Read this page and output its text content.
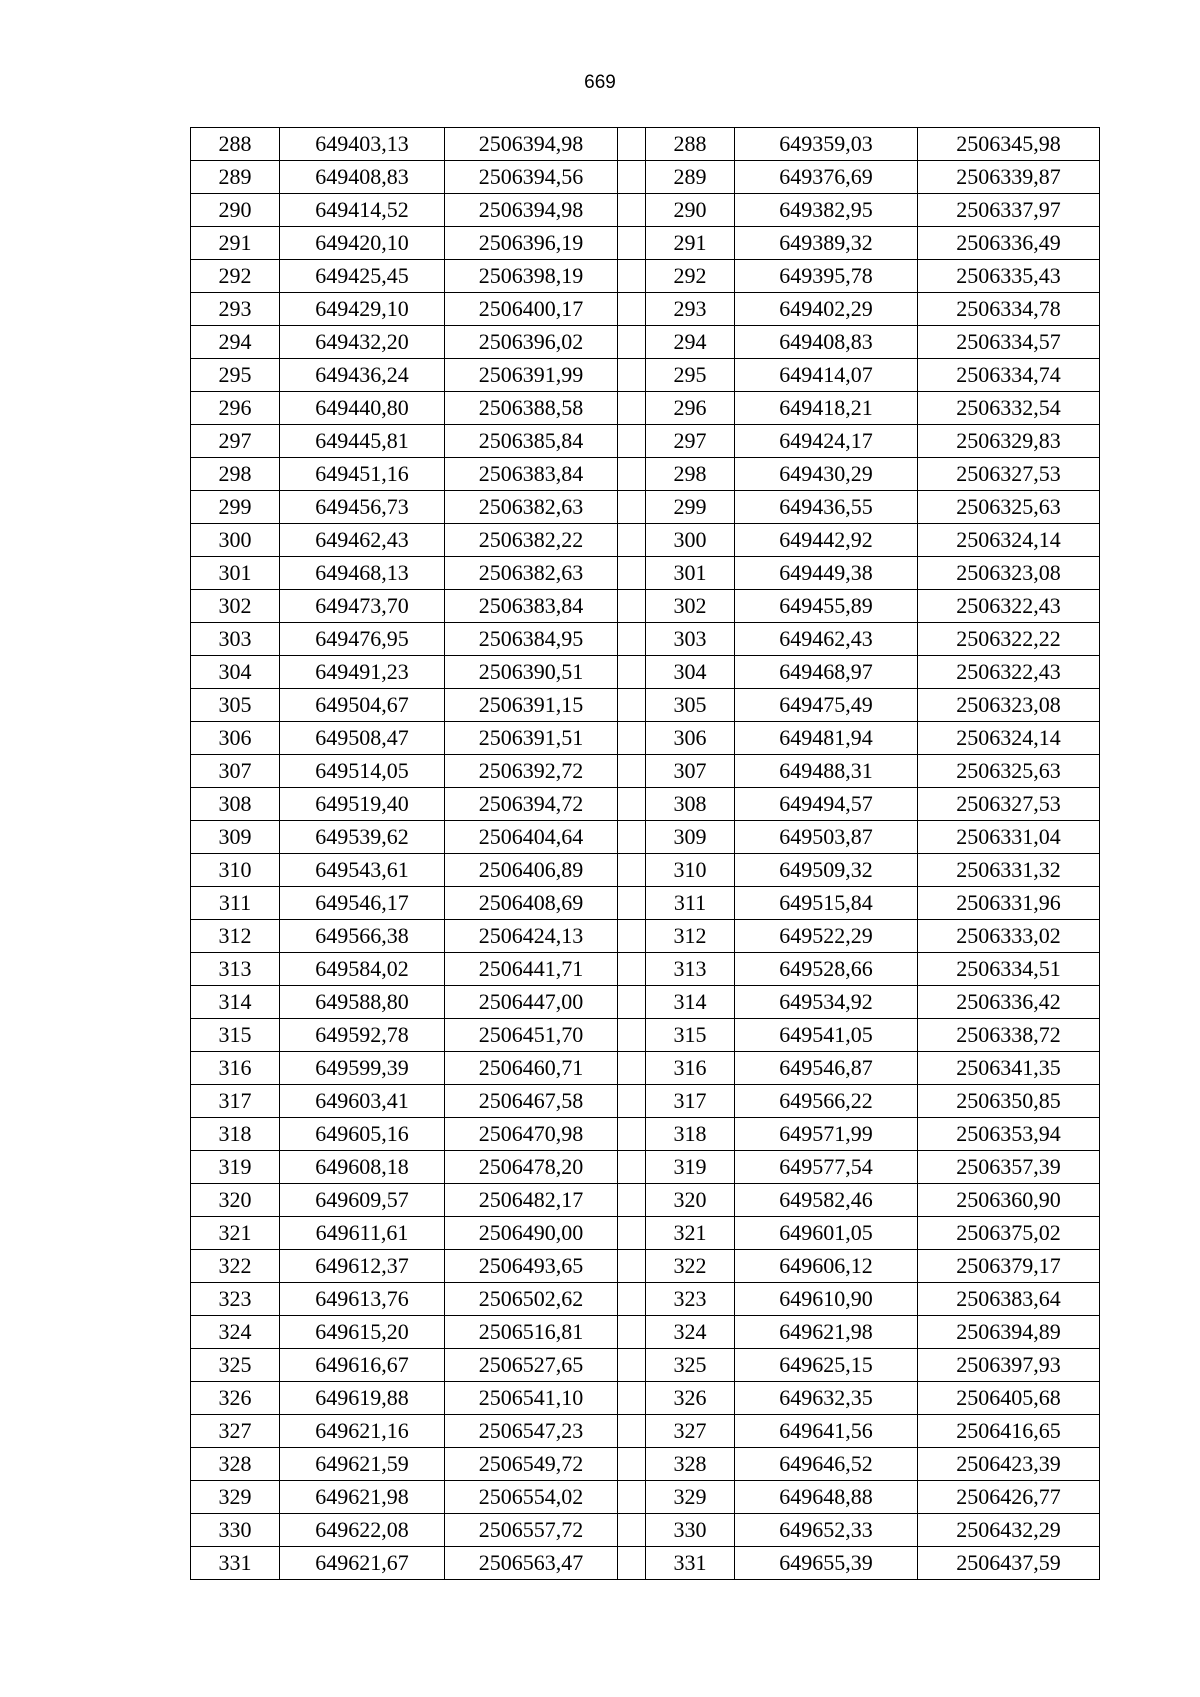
669
288	649403,13	2506394,98		288	649359,03	2506345,98
289	649408,83	2506394,56		289	649376,69	2506339,87
290	649414,52	2506394,98		290	649382,95	2506337,97
291	649420,10	2506396,19		291	649389,32	2506336,49
292	649425,45	2506398,19		292	649395,78	2506335,43
293	649429,10	2506400,17		293	649402,29	2506334,78
294	649432,20	2506396,02		294	649408,83	2506334,57
295	649436,24	2506391,99		295	649414,07	2506334,74
296	649440,80	2506388,58		296	649418,21	2506332,54
297	649445,81	2506385,84		297	649424,17	2506329,83
298	649451,16	2506383,84		298	649430,29	2506327,53
299	649456,73	2506382,63		299	649436,55	2506325,63
300	649462,43	2506382,22		300	649442,92	2506324,14
301	649468,13	2506382,63		301	649449,38	2506323,08
302	649473,70	2506383,84		302	649455,89	2506322,43
303	649476,95	2506384,95		303	649462,43	2506322,22
304	649491,23	2506390,51		304	649468,97	2506322,43
305	649504,67	2506391,15		305	649475,49	2506323,08
306	649508,47	2506391,51		306	649481,94	2506324,14
307	649514,05	2506392,72		307	649488,31	2506325,63
308	649519,40	2506394,72		308	649494,57	2506327,53
309	649539,62	2506404,64		309	649503,87	2506331,04
310	649543,61	2506406,89		310	649509,32	2506331,32
311	649546,17	2506408,69		311	649515,84	2506331,96
312	649566,38	2506424,13		312	649522,29	2506333,02
313	649584,02	2506441,71		313	649528,66	2506334,51
314	649588,80	2506447,00		314	649534,92	2506336,42
315	649592,78	2506451,70		315	649541,05	2506338,72
316	649599,39	2506460,71		316	649546,87	2506341,35
317	649603,41	2506467,58		317	649566,22	2506350,85
318	649605,16	2506470,98		318	649571,99	2506353,94
319	649608,18	2506478,20		319	649577,54	2506357,39
320	649609,57	2506482,17		320	649582,46	2506360,90
321	649611,61	2506490,00		321	649601,05	2506375,02
322	649612,37	2506493,65		322	649606,12	2506379,17
323	649613,76	2506502,62		323	649610,90	2506383,64
324	649615,20	2506516,81		324	649621,98	2506394,89
325	649616,67	2506527,65		325	649625,15	2506397,93
326	649619,88	2506541,10		326	649632,35	2506405,68
327	649621,16	2506547,23		327	649641,56	2506416,65
328	649621,59	2506549,72		328	649646,52	2506423,39
329	649621,98	2506554,02		329	649648,88	2506426,77
330	649622,08	2506557,72		330	649652,33	2506432,29
331	649621,67	2506563,47		331	649655,39	2506437,59
